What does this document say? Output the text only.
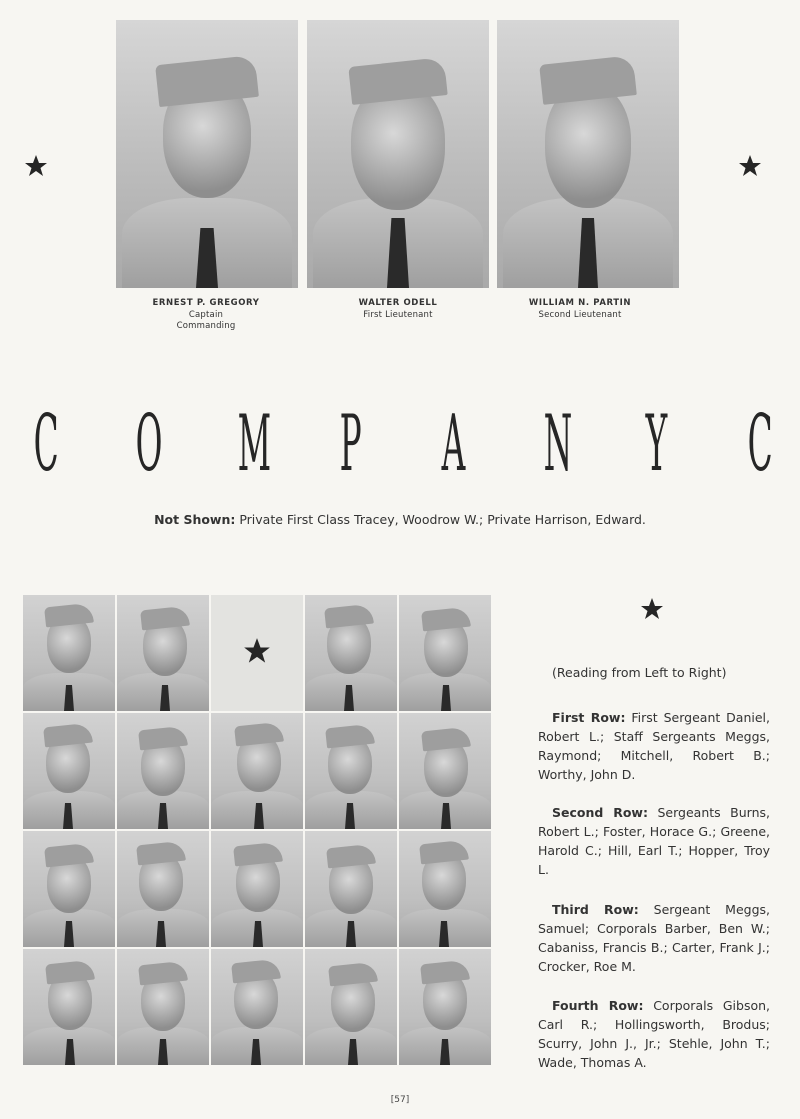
ERNEST P. GREGORY
Captain
Commanding
WALTER ODELL
First Lieutenant
WILLIAM N. PARTIN
Second Lieutenant
C O M P A N Y C
Not Shown: Private First Class Tracey, Woodrow W.; Private Harrison, Edward.
(Reading from Left to Right)
First Row: First Sergeant Daniel, Robert L.; Staff Sergeants Meggs, Raymond; Mitchell, Robert B.; Worthy, John D.
Second Row: Sergeants Burns, Robert L.; Foster, Horace G.; Greene, Harold C.; Hill, Earl T.; Hopper, Troy L.
Third Row: Sergeant Meggs, Samuel; Corporals Barber, Ben W.; Cabaniss, Francis B.; Carter, Frank J.; Crocker, Roe M.
Fourth Row: Corporals Gibson, Carl R.; Hollingsworth, Brodus; Scurry, John J., Jr.; Stehle, John T.; Wade, Thomas A.
[57]
